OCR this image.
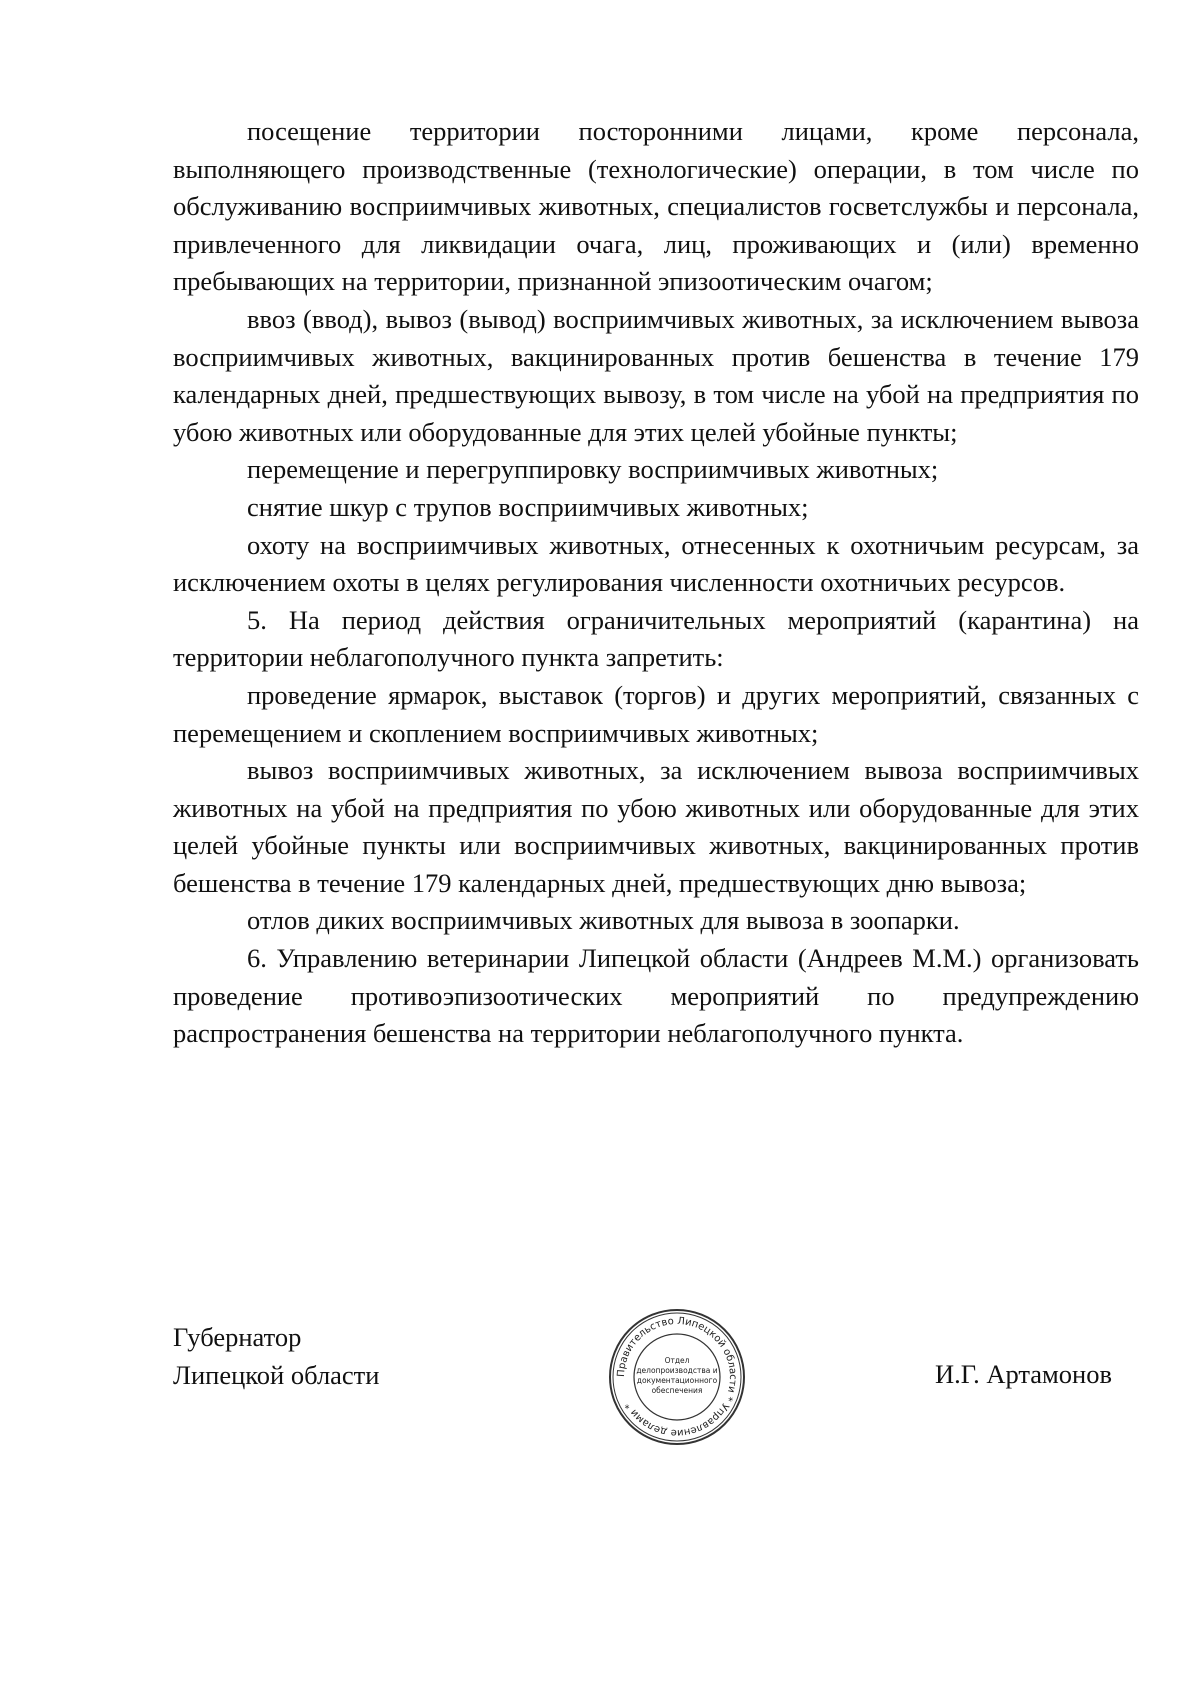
посещение территории посторонними лицами, кроме персонала, выполняющего производственные (технологические) операции, в том числе по обслуживанию восприимчивых животных, специалистов госветслужбы и персонала, привлеченного для ликвидации очага, лиц, проживающих и (или) временно пребывающих на территории, признанной эпизоотическим очагом;

ввоз (ввод), вывоз (вывод) восприимчивых животных, за исключением вывоза восприимчивых животных, вакцинированных против бешенства в течение 179 календарных дней, предшествующих вывозу, в том числе на убой на предприятия по убою животных или оборудованные для этих целей убойные пункты;

перемещение и перегруппировку восприимчивых животных;

снятие шкур с трупов восприимчивых животных;

охоту на восприимчивых животных, отнесенных к охотничьим ресурсам, за исключением охоты в целях регулирования численности охотничьих ресурсов.

5. На период действия ограничительных мероприятий (карантина) на территории неблагополучного пункта запретить:

проведение ярмарок, выставок (торгов) и других мероприятий, связанных с перемещением и скоплением восприимчивых животных;

вывоз восприимчивых животных, за исключением вывоза восприимчивых животных на убой на предприятия по убою животных или оборудованные для этих целей убойные пункты или восприимчивых животных, вакцинированных против бешенства в течение 179 календарных дней, предшествующих дню вывоза;

отлов диких восприимчивых животных для вывоза в зоопарки.

6. Управлению ветеринарии Липецкой области (Андреев М.М.) организовать проведение противоэпизоотических мероприятий по предупреждению распространения бешенства на территории неблагополучного пункта.

Губернатор
Липецкой области	Правительство Липецкой области * Управление делами *
Отдел
делопроизводства и
документационного
обеспечения
И.Г. Артамонов
